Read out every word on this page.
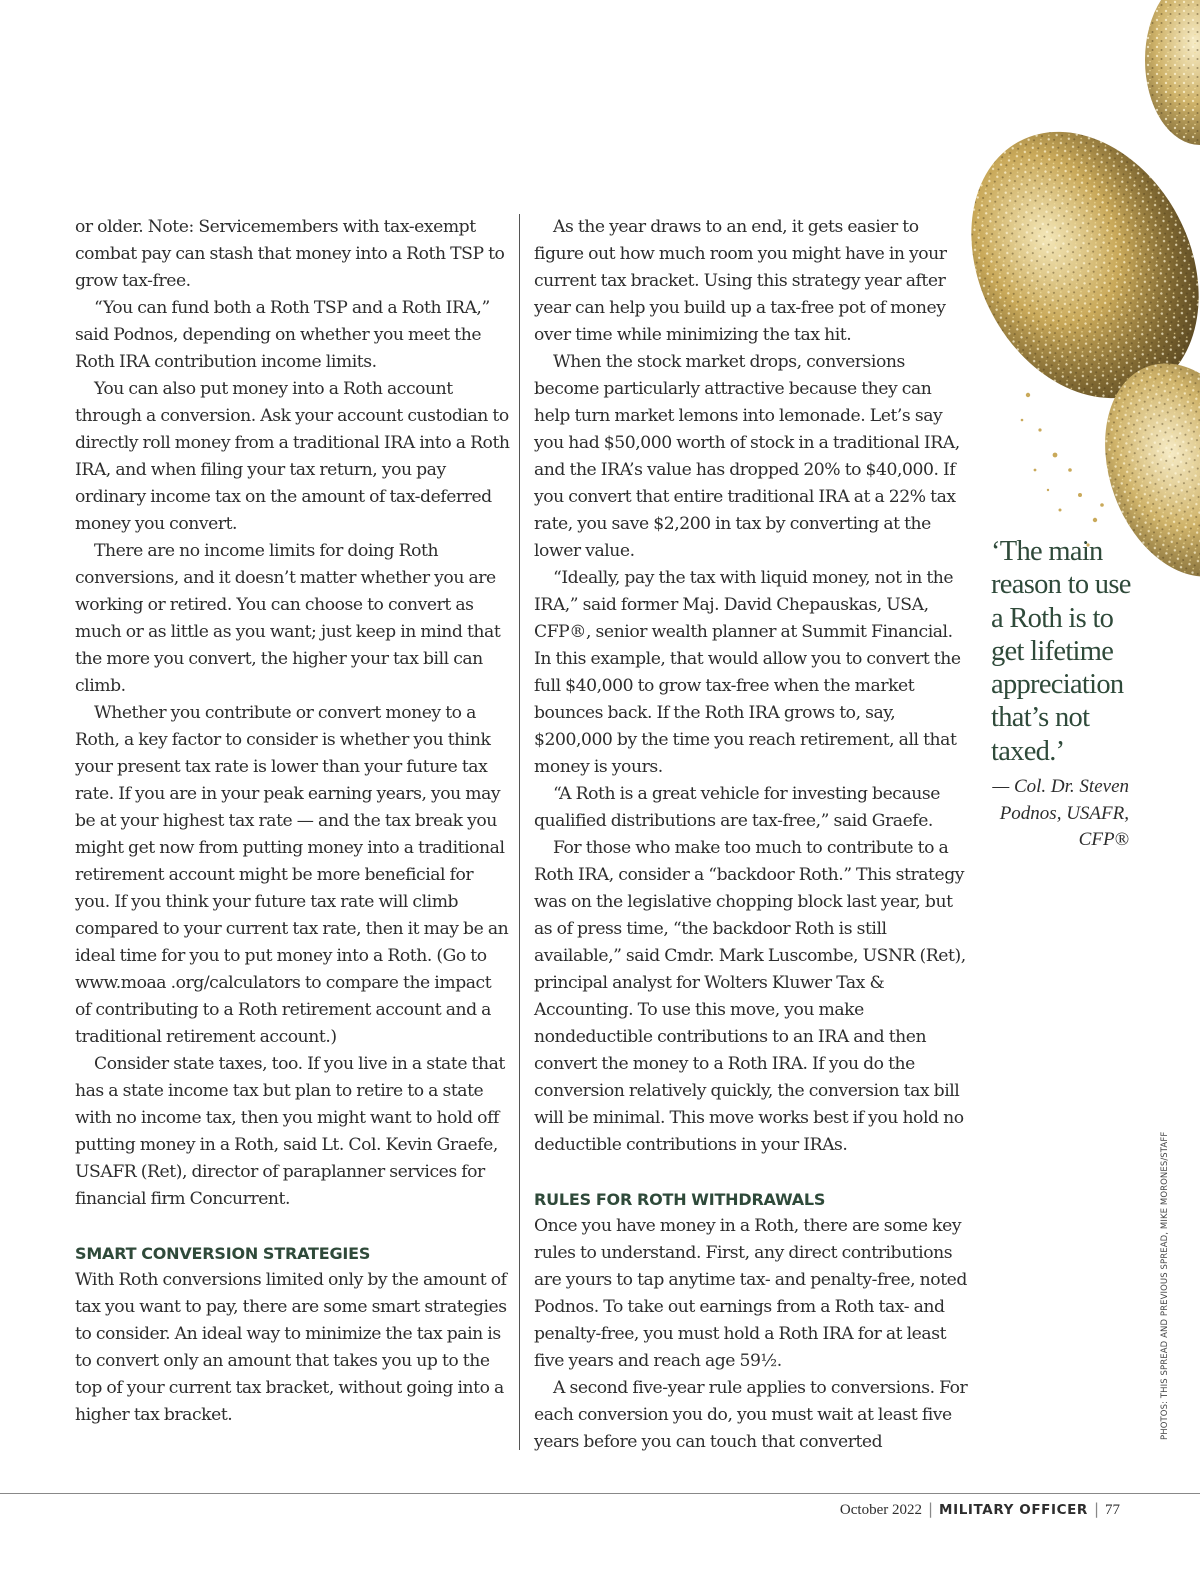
or older. Note: Servicemembers with tax-exempt combat pay can stash that money into a Roth TSP to grow tax-free.

“You can fund both a Roth TSP and a Roth IRA,” said Podnos, depending on whether you meet the Roth IRA contribution income limits.

You can also put money into a Roth account through a conversion. Ask your account custodian to directly roll money from a traditional IRA into a Roth IRA, and when filing your tax return, you pay ordinary income tax on the amount of tax-deferred money you convert.

There are no income limits for doing Roth conversions, and it doesn’t matter whether you are working or retired. You can choose to convert as much or as little as you want; just keep in mind that the more you convert, the higher your tax bill can climb.

Whether you contribute or convert money to a Roth, a key factor to consider is whether you think your present tax rate is lower than your future tax rate. If you are in your peak earning years, you may be at your highest tax rate — and the tax break you might get now from putting money into a traditional retirement account might be more beneficial for you. If you think your future tax rate will climb compared to your current tax rate, then it may be an ideal time for you to put money into a Roth. (Go to www.moaa .org/calculators to compare the impact of contributing to a Roth retirement account and a traditional retirement account.)

Consider state taxes, too. If you live in a state that has a state income tax but plan to retire to a state with no income tax, then you might want to hold off putting money in a Roth, said Lt. Col. Kevin Graefe, USAFR (Ret), director of paraplanner services for financial firm Concurrent.

SMART CONVERSION STRATEGIES

With Roth conversions limited only by the amount of tax you want to pay, there are some smart strategies to consider. An ideal way to minimize the tax pain is to convert only an amount that takes you up to the top of your current tax bracket, without going into a higher tax bracket.

As the year draws to an end, it gets easier to figure out how much room you might have in your current tax bracket. Using this strategy year after year can help you build up a tax-free pot of money over time while minimizing the tax hit.

When the stock market drops, conversions become particularly attractive because they can help turn market lemons into lemonade. Let’s say you had $50,000 worth of stock in a traditional IRA, and the IRA’s value has dropped 20% to $40,000. If you convert that entire traditional IRA at a 22% tax rate, you save $2,200 in tax by converting at the lower value.

“Ideally, pay the tax with liquid money, not in the IRA,” said former Maj. David Chepauskas, USA, CFP®, senior wealth planner at Summit Financial. In this example, that would allow you to convert the full $40,000 to grow tax-free when the market bounces back. If the Roth IRA grows to, say, $200,000 by the time you reach retirement, all that money is yours.

“A Roth is a great vehicle for investing because qualified distributions are tax-free,” said Graefe.

For those who make too much to contribute to a Roth IRA, consider a “backdoor Roth.” This strategy was on the legislative chopping block last year, but as of press time, “the backdoor Roth is still available,” said Cmdr. Mark Luscombe, USNR (Ret), principal analyst for Wolters Kluwer Tax & Accounting. To use this move, you make nondeductible contributions to an IRA and then convert the money to a Roth IRA. If you do the conversion relatively quickly, the conversion tax bill will be minimal. This move works best if you hold no deductible contributions in your IRAs.

RULES FOR ROTH WITHDRAWALS

Once you have money in a Roth, there are some key rules to understand. First, any direct contributions are yours to tap anytime tax- and penalty-free, noted Podnos. To take out earnings from a Roth tax- and penalty-free, you must hold a Roth IRA for at least five years and reach age 59½.

A second five-year rule applies to conversions. For each conversion you do, you must wait at least five years before you can touch that converted

‘The main reason to use a Roth is to get lifetime appreciation that’s not taxed.’

— Col. Dr. Steven Podnos, USAFR, CFP®
PHOTOS: THIS SPREAD AND PREVIOUS SPREAD, MIKE MORONES/STAFF
October 2022 | MILITARY OFFICER | 77
